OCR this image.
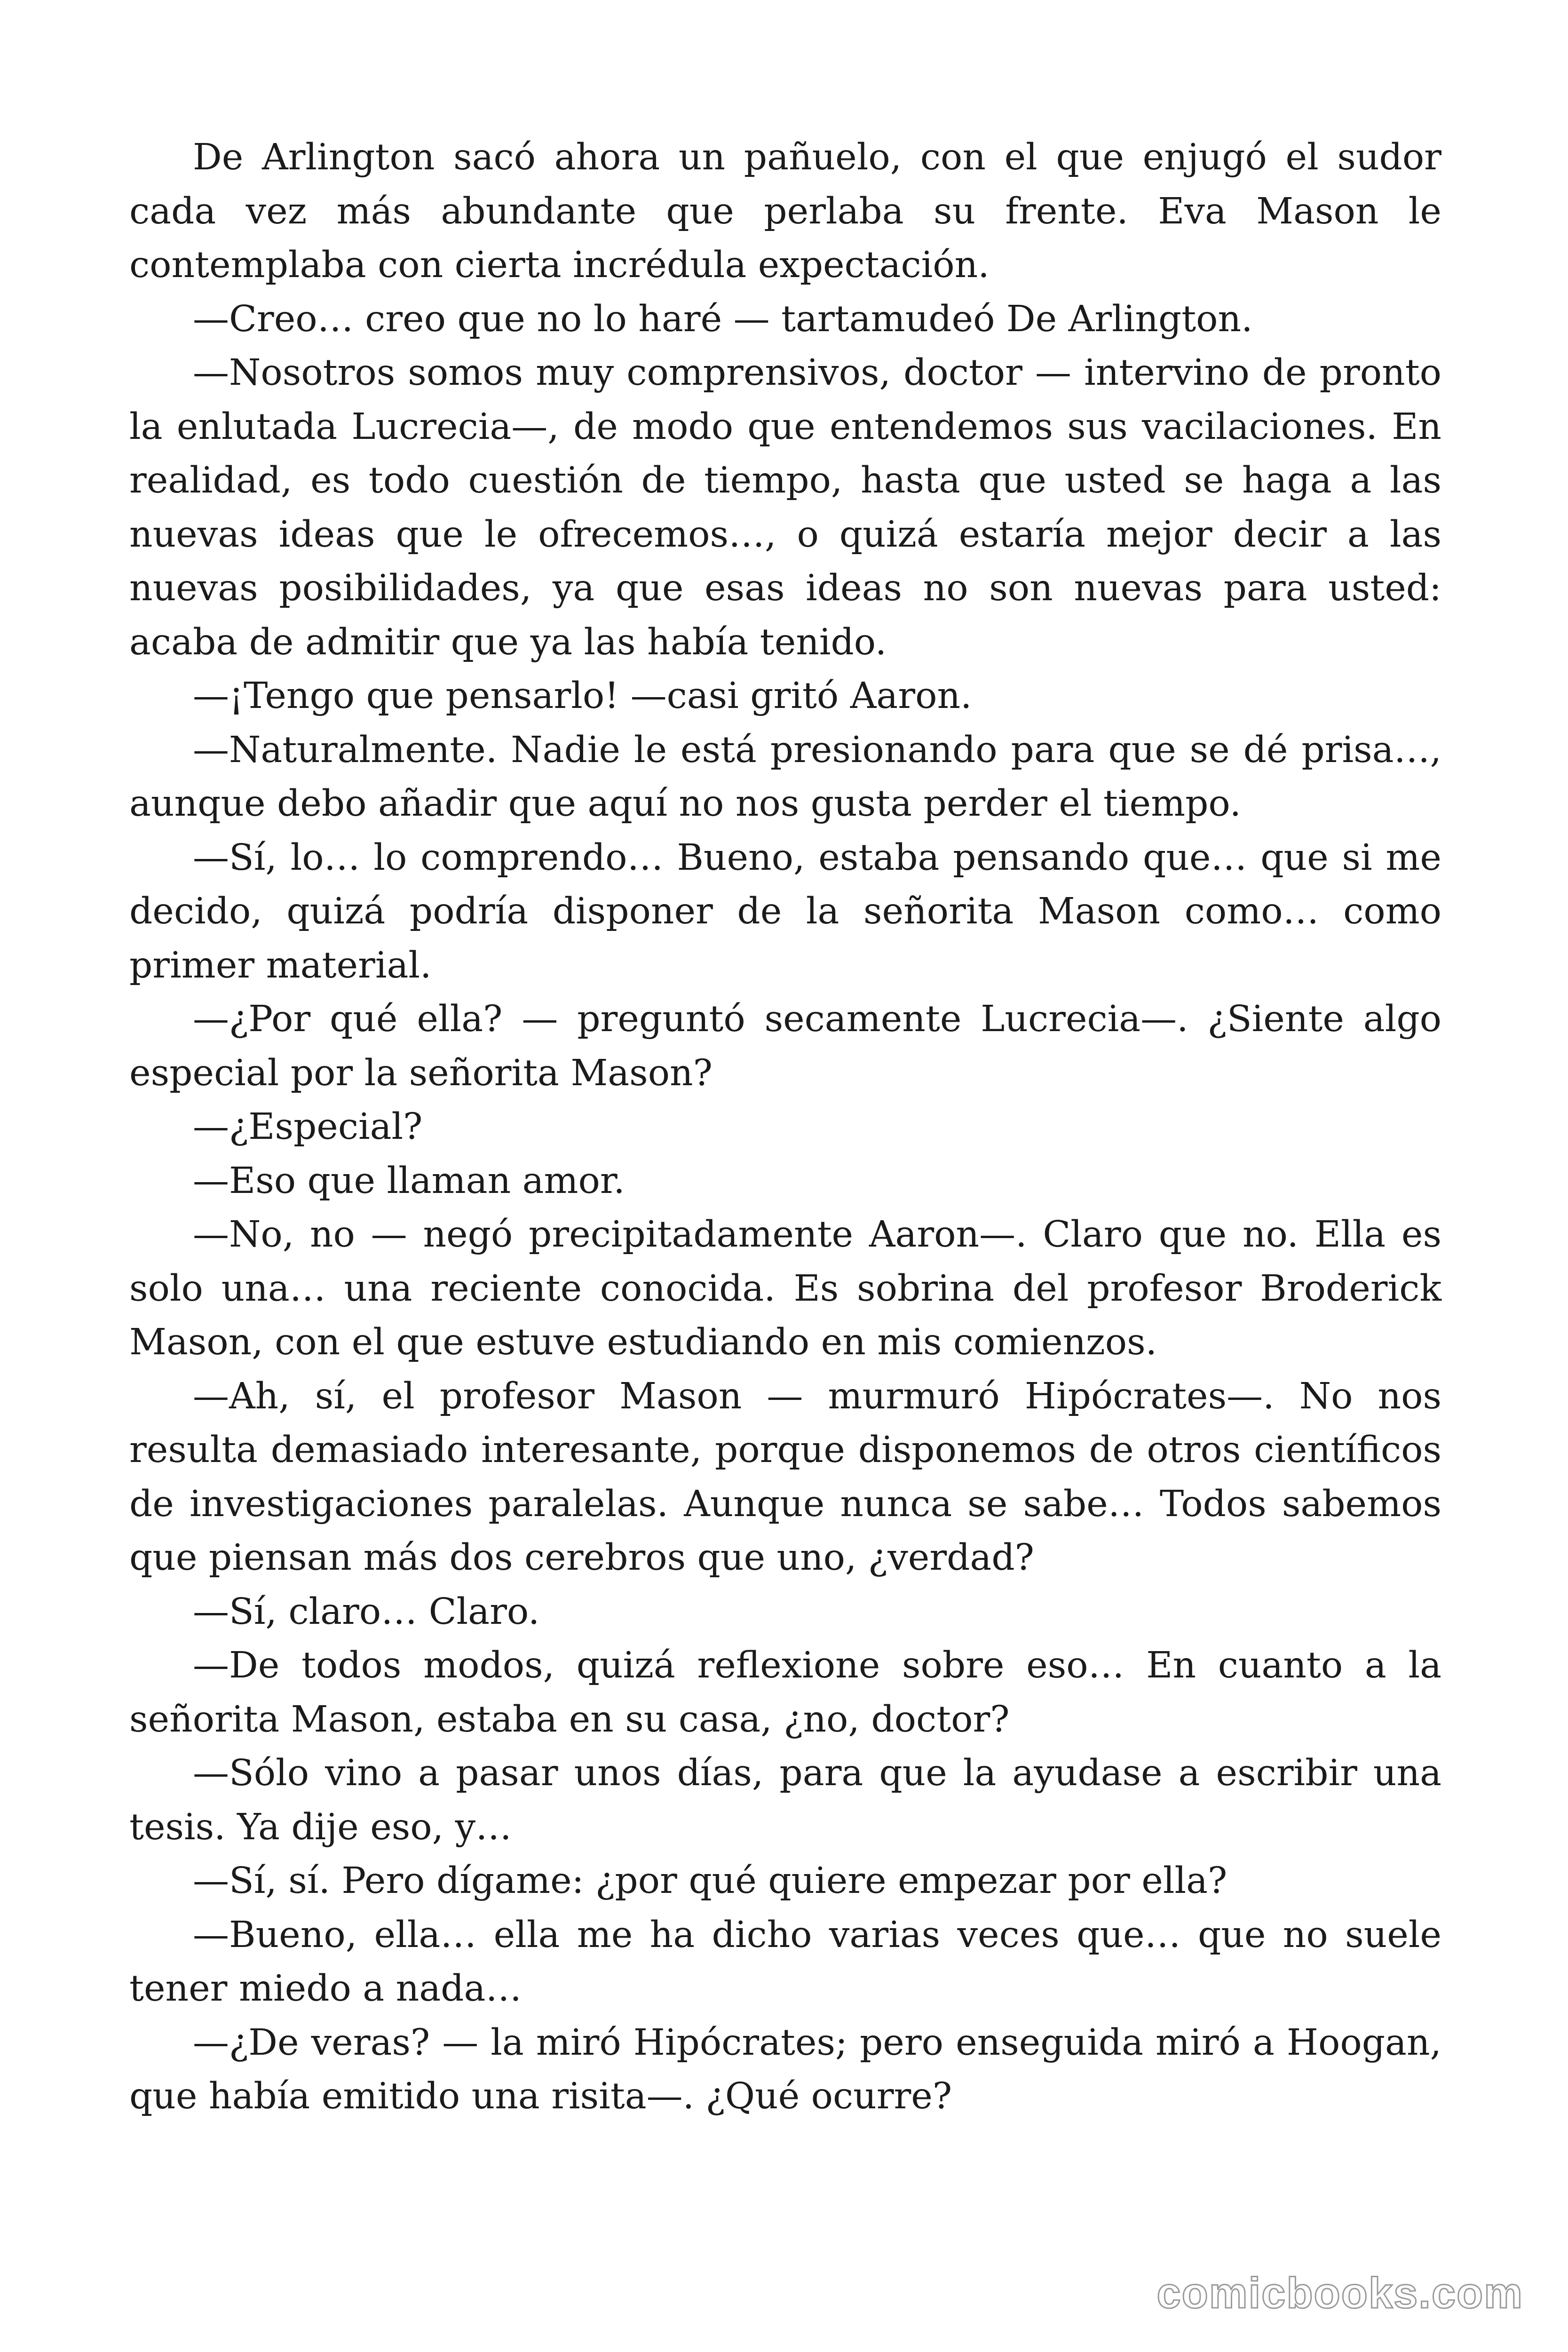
De Arlington sacó ahora un pañuelo, con el que enjugó el sudor cada vez más abundante que perlaba su frente. Eva Mason le contemplaba con cierta incrédula expectación.

—Creo… creo que no lo haré — tartamudeó De Arlington.

—Nosotros somos muy comprensivos, doctor — intervino de pronto la enlutada Lucrecia—, de modo que entendemos sus vacilaciones. En realidad, es todo cuestión de tiempo, hasta que usted se haga a las nuevas ideas que le ofrecemos…, o quizá estaría mejor decir a las nuevas posibilidades, ya que esas ideas no son nuevas para usted: acaba de admitir que ya las había tenido.

—¡Tengo que pensarlo! —casi gritó Aaron.

—Naturalmente. Nadie le está presionando para que se dé prisa…, aunque debo añadir que aquí no nos gusta perder el tiempo.

—Sí, lo… lo comprendo… Bueno, estaba pensando que… que si me decido, quizá podría disponer de la señorita Mason como… como primer material.

—¿Por qué ella? — preguntó secamente Lucrecia—. ¿Siente algo especial por la señorita Mason?

—¿Especial?

—Eso que llaman amor.

—No, no — negó precipitadamente Aaron—. Claro que no. Ella es solo una… una reciente conocida. Es sobrina del profesor Broderick Mason, con el que estuve estudiando en mis comienzos.

—Ah, sí, el profesor Mason — murmuró Hipócrates—. No nos resulta demasiado interesante, porque disponemos de otros científicos de investigaciones paralelas. Aunque nunca se sabe… Todos sabemos que piensan más dos cerebros que uno, ¿verdad?

—Sí, claro… Claro.

—De todos modos, quizá reflexione sobre eso… En cuanto a la señorita Mason, estaba en su casa, ¿no, doctor?

—Sólo vino a pasar unos días, para que la ayudase a escribir una tesis. Ya dije eso, y…

—Sí, sí. Pero dígame: ¿por qué quiere empezar por ella?

—Bueno, ella… ella me ha dicho varias veces que… que no suele tener miedo a nada…

—¿De veras? — la miró Hipócrates; pero enseguida miró a Hoogan, que había emitido una risita—. ¿Qué ocurre?

comicbooks.com
